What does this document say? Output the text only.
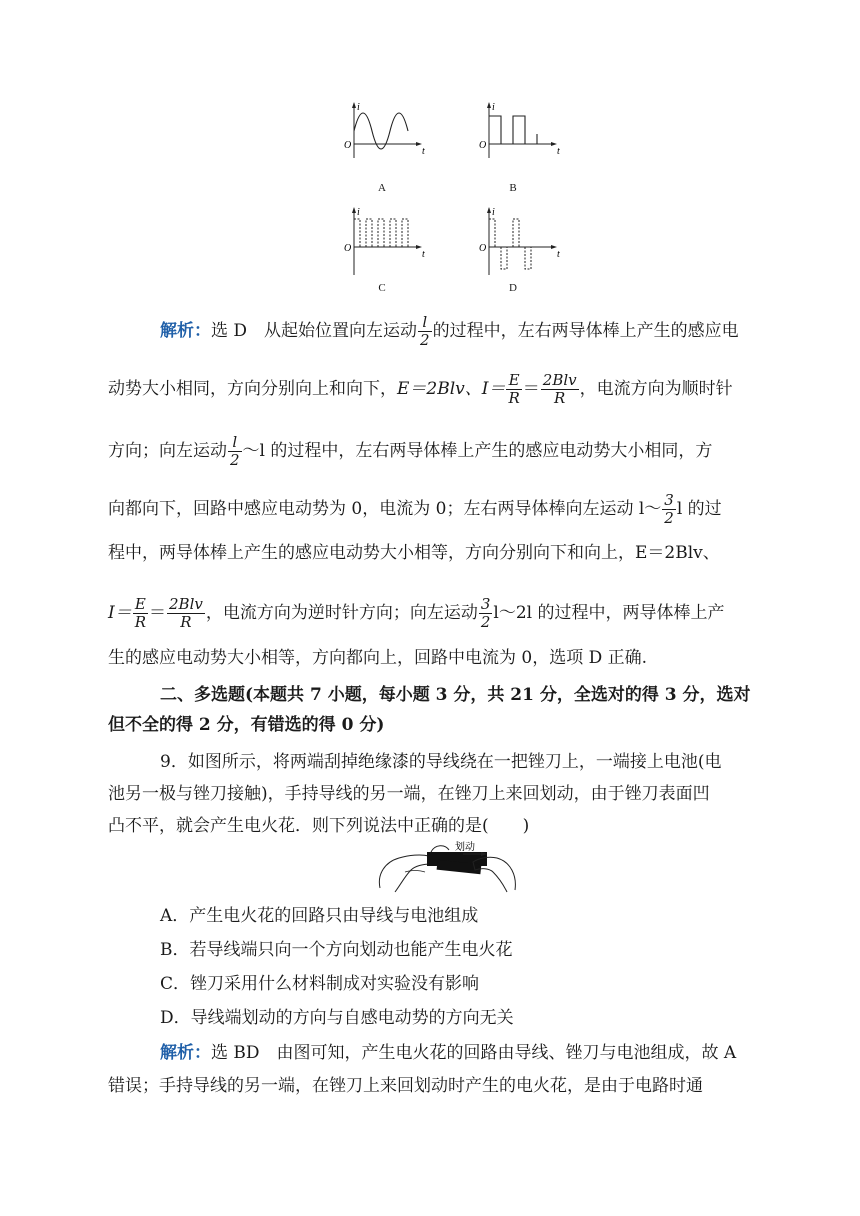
i
O
t
A
i
O
t
B
i
O
t
C
i
O
t
D
解析：选 D　从起始位置向左运动 $\frac{l}{2}$ 的过程中，左右两导体棒上产生的感应电
动势大小相同，方向分别向上和向下，E＝2Blv、$I= \frac{E}{R} = \frac{\text{2Blv}}{R}$ ，电流方向为顺时针
方向；向左运动 $\frac{l}{2}$ ～l 的过程中，左右两导体棒上产生的感应电动势大小相同，方
向都向下，回路中感应电动势为 0，电流为 0；左右两导体棒向左运动 l～ $\frac{3}{2}$ l 的过
程中，两导体棒上产生的感应电动势大小相等，方向分别向下和向上，E＝2Blv、
$I= \frac{E}{R} = \frac{\text{2Blv}}{R}$ ，电流方向为逆时针方向；向左运动 $\frac{3}{2}$ l～2l 的过程中，两导体棒上产
生的感应电动势大小相等，方向都向上，回路中电流为 0，选项 D 正确.
二、多选题(本题共 7 小题，每小题 3 分，共 21 分，全选对的得 3 分，选对
但不全的得 2 分，有错选的得 0 分)
9．如图所示，将两端刮掉绝缘漆的导线绕在一把锉刀上，一端接上电池(电
池另一极与锉刀接触)，手持导线的另一端，在锉刀上来回划动，由于锉刀表面凹
凸不平，就会产生电火花．则下列说法中正确的是(　　)
划动
A．产生电火花的回路只由导线与电池组成
B．若导线端只向一个方向划动也能产生电火花
C．锉刀采用什么材料制成对实验没有影响
D．导线端划动的方向与自感电动势的方向无关
解析：选 BD　由图可知，产生电火花的回路由导线、锉刀与电池组成，故 A
错误；手持导线的另一端，在锉刀上来回划动时产生的电火花，是由于电路时通
